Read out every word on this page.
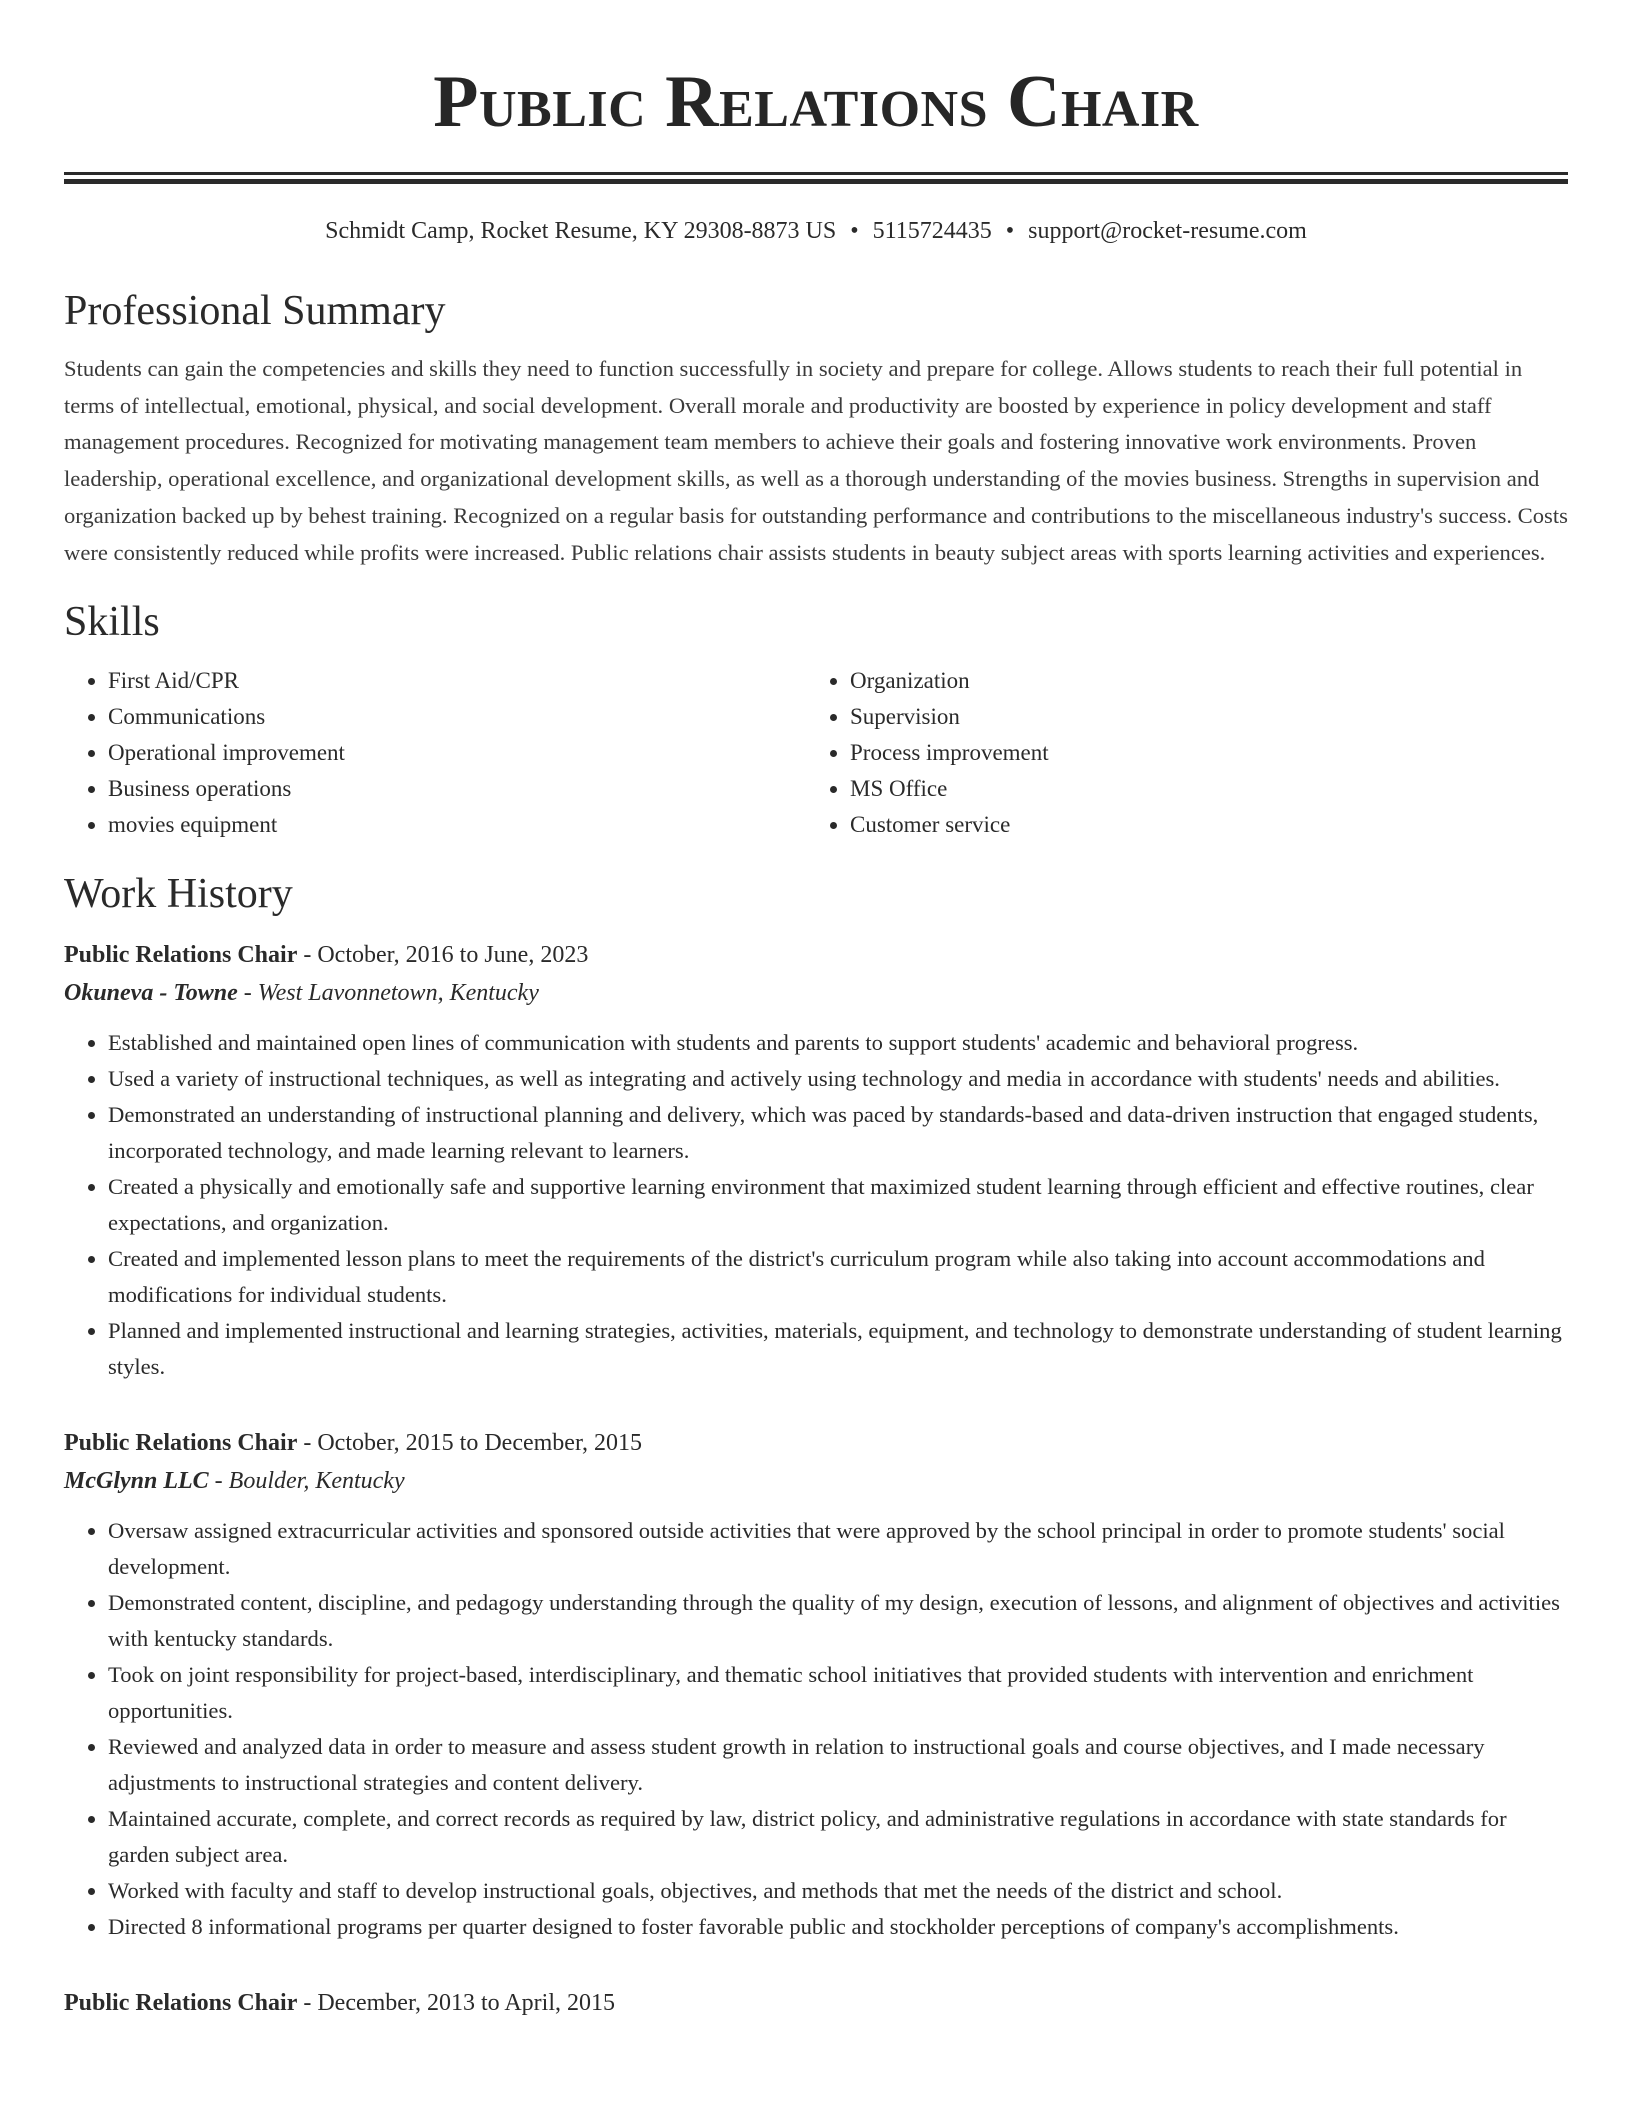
Public Relations Chair
Schmidt Camp, Rocket Resume, KY 29308-8873 US • 5115724435 • support@rocket-resume.com
Professional Summary
Students can gain the competencies and skills they need to function successfully in society and prepare for college. Allows students to reach their full potential in terms of intellectual, emotional, physical, and social development. Overall morale and productivity are boosted by experience in policy development and staff management procedures. Recognized for motivating management team members to achieve their goals and fostering innovative work environments. Proven leadership, operational excellence, and organizational development skills, as well as a thorough understanding of the movies business. Strengths in supervision and organization backed up by behest training. Recognized on a regular basis for outstanding performance and contributions to the miscellaneous industry's success. Costs were consistently reduced while profits were increased. Public relations chair assists students in beauty subject areas with sports learning activities and experiences.
Skills
• First Aid/CPR
• Communications
• Operational improvement
• Business operations
• movies equipment
• Organization
• Supervision
• Process improvement
• MS Office
• Customer service
Work History
Public Relations Chair - October, 2016 to June, 2023
Okuneva - Towne - West Lavonnetown, Kentucky
• Established and maintained open lines of communication with students and parents to support students' academic and behavioral progress.
• Used a variety of instructional techniques, as well as integrating and actively using technology and media in accordance with students' needs and abilities.
• Demonstrated an understanding of instructional planning and delivery, which was paced by standards-based and data-driven instruction that engaged students, incorporated technology, and made learning relevant to learners.
• Created a physically and emotionally safe and supportive learning environment that maximized student learning through efficient and effective routines, clear expectations, and organization.
• Created and implemented lesson plans to meet the requirements of the district's curriculum program while also taking into account accommodations and modifications for individual students.
• Planned and implemented instructional and learning strategies, activities, materials, equipment, and technology to demonstrate understanding of student learning styles.
Public Relations Chair - October, 2015 to December, 2015
McGlynn LLC - Boulder, Kentucky
• Oversaw assigned extracurricular activities and sponsored outside activities that were approved by the school principal in order to promote students' social development.
• Demonstrated content, discipline, and pedagogy understanding through the quality of my design, execution of lessons, and alignment of objectives and activities with kentucky standards.
• Took on joint responsibility for project-based, interdisciplinary, and thematic school initiatives that provided students with intervention and enrichment opportunities.
• Reviewed and analyzed data in order to measure and assess student growth in relation to instructional goals and course objectives, and I made necessary adjustments to instructional strategies and content delivery.
• Maintained accurate, complete, and correct records as required by law, district policy, and administrative regulations in accordance with state standards for garden subject area.
• Worked with faculty and staff to develop instructional goals, objectives, and methods that met the needs of the district and school.
• Directed 8 informational programs per quarter designed to foster favorable public and stockholder perceptions of company's accomplishments.
Public Relations Chair - December, 2013 to April, 2015
